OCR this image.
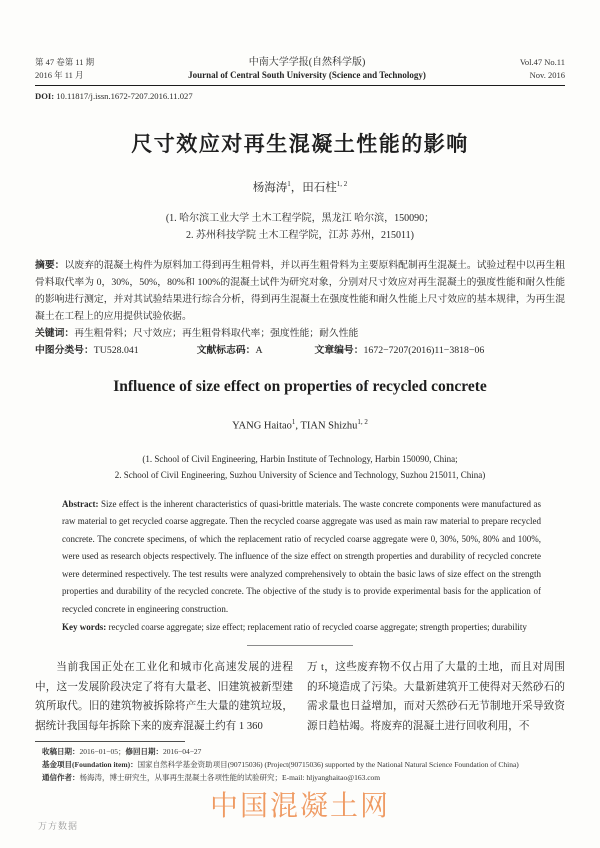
第 47 卷第 11 期
2016 年 11 月
中南大学学报(自然科学版)
Journal of Central South University (Science and Technology)
Vol.47 No.11
Nov. 2016
DOI: 10.11817/j.issn.1672-7207.2016.11.027
尺寸效应对再生混凝土性能的影响
杨海涛$^1$，田石柱$^{1, 2}$
(1. 哈尔滨工业大学 土木工程学院，黑龙江 哈尔滨，150090；
2. 苏州科技学院 土木工程学院，江苏 苏州，215011)

摘要：以废弃的混凝土构件为原料加工得到再生粗骨料，并以再生粗骨料为主要原料配制再生混凝土。试验过程中以再生粗骨料取代率为 0，30%，50%，80%和 100%的混凝土试件为研究对象，分别对尺寸效应对再生混凝土的强度性能和耐久性能的影响进行测定，并对其试验结果进行综合分析，得到再生混凝土在强度性能和耐久性能上尺寸效应的基本规律，为再生混凝土在工程上的应用提供试验依据。

关键词：再生粗骨料；尺寸效应；再生粗骨料取代率；强度性能；耐久性能

中图分类号：TU528.041	文献标志码：A	文章编号：1672−7207(2016)11−3818−06
Influence of size effect on properties of recycled concrete
YANG Haitao$^1$, TIAN Shizhu$^{1, 2}$
(1. School of Civil Engineering, Harbin Institute of Technology, Harbin 150090, China;
2. School of Civil Engineering, Suzhou University of Science and Technology, Suzhou 215011, China)

Abstract: Size effect is the inherent characteristics of quasi-brittle materials. The waste concrete components were manufactured as raw material to get recycled coarse aggregate. Then the recycled coarse aggregate was used as main raw material to prepare recycled concrete. The concrete specimens, of which the replacement ratio of recycled coarse aggregate were 0, 30%, 50%, 80% and 100%, were used as research objects respectively. The influence of the size effect on strength properties and durability of recycled concrete were determined respectively. The test results were analyzed comprehensively to obtain the basic laws of size effect on the strength properties and durability of the recycled concrete. The objective of the study is to provide experimental basis for the application of recycled concrete in engineering construction.

Key words: recycled coarse aggregate; size effect; replacement ratio of recycled coarse aggregate; strength properties; durability

当前我国正处在工业化和城市化高速发展的进程中，这一发展阶段决定了将有大量老、旧建筑被新型建筑所取代。旧的建筑物被拆除将产生大量的建筑垃圾，据统计我国每年拆除下来的废弃混凝土约有 1 360

万 t，这些废弃物不仅占用了大量的土地，而且对周围的环境造成了污染。大量新建筑开工使得对天然砂石的需求量也日益增加，而对天然砂石无节制地开采导致资源日趋枯竭。将废弃的混凝土进行回收利用，不

收稿日期：2016−01−05；修回日期：2016−04−27

基金项目(Foundation item)：国家自然科学基金资助项目(90715036) (Project(90715036) supported by the National Natural Science Foundation of China)

通信作者：杨海涛，博士研究生，从事再生混凝土各项性能的试验研究；E-mail: hljyanghaitao@163.com

中国混凝土网
万方数据
